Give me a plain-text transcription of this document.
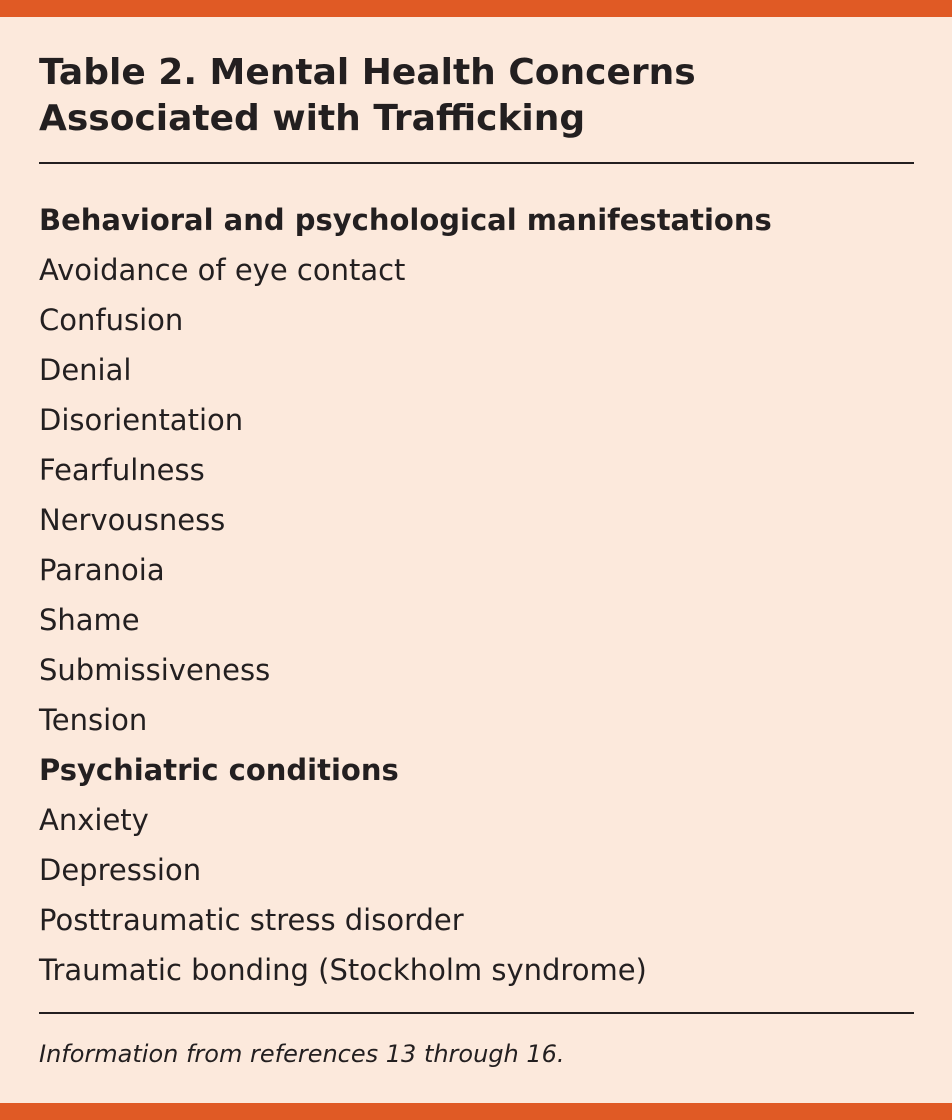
Table 2. Mental Health Concerns Associated with Trafficking
Behavioral and psychological manifestations
Avoidance of eye contact
Confusion
Denial
Disorientation
Fearfulness
Nervousness
Paranoia
Shame
Submissiveness
Tension
Psychiatric conditions
Anxiety
Depression
Posttraumatic stress disorder
Traumatic bonding (Stockholm syndrome)
Information from references 13 through 16.
